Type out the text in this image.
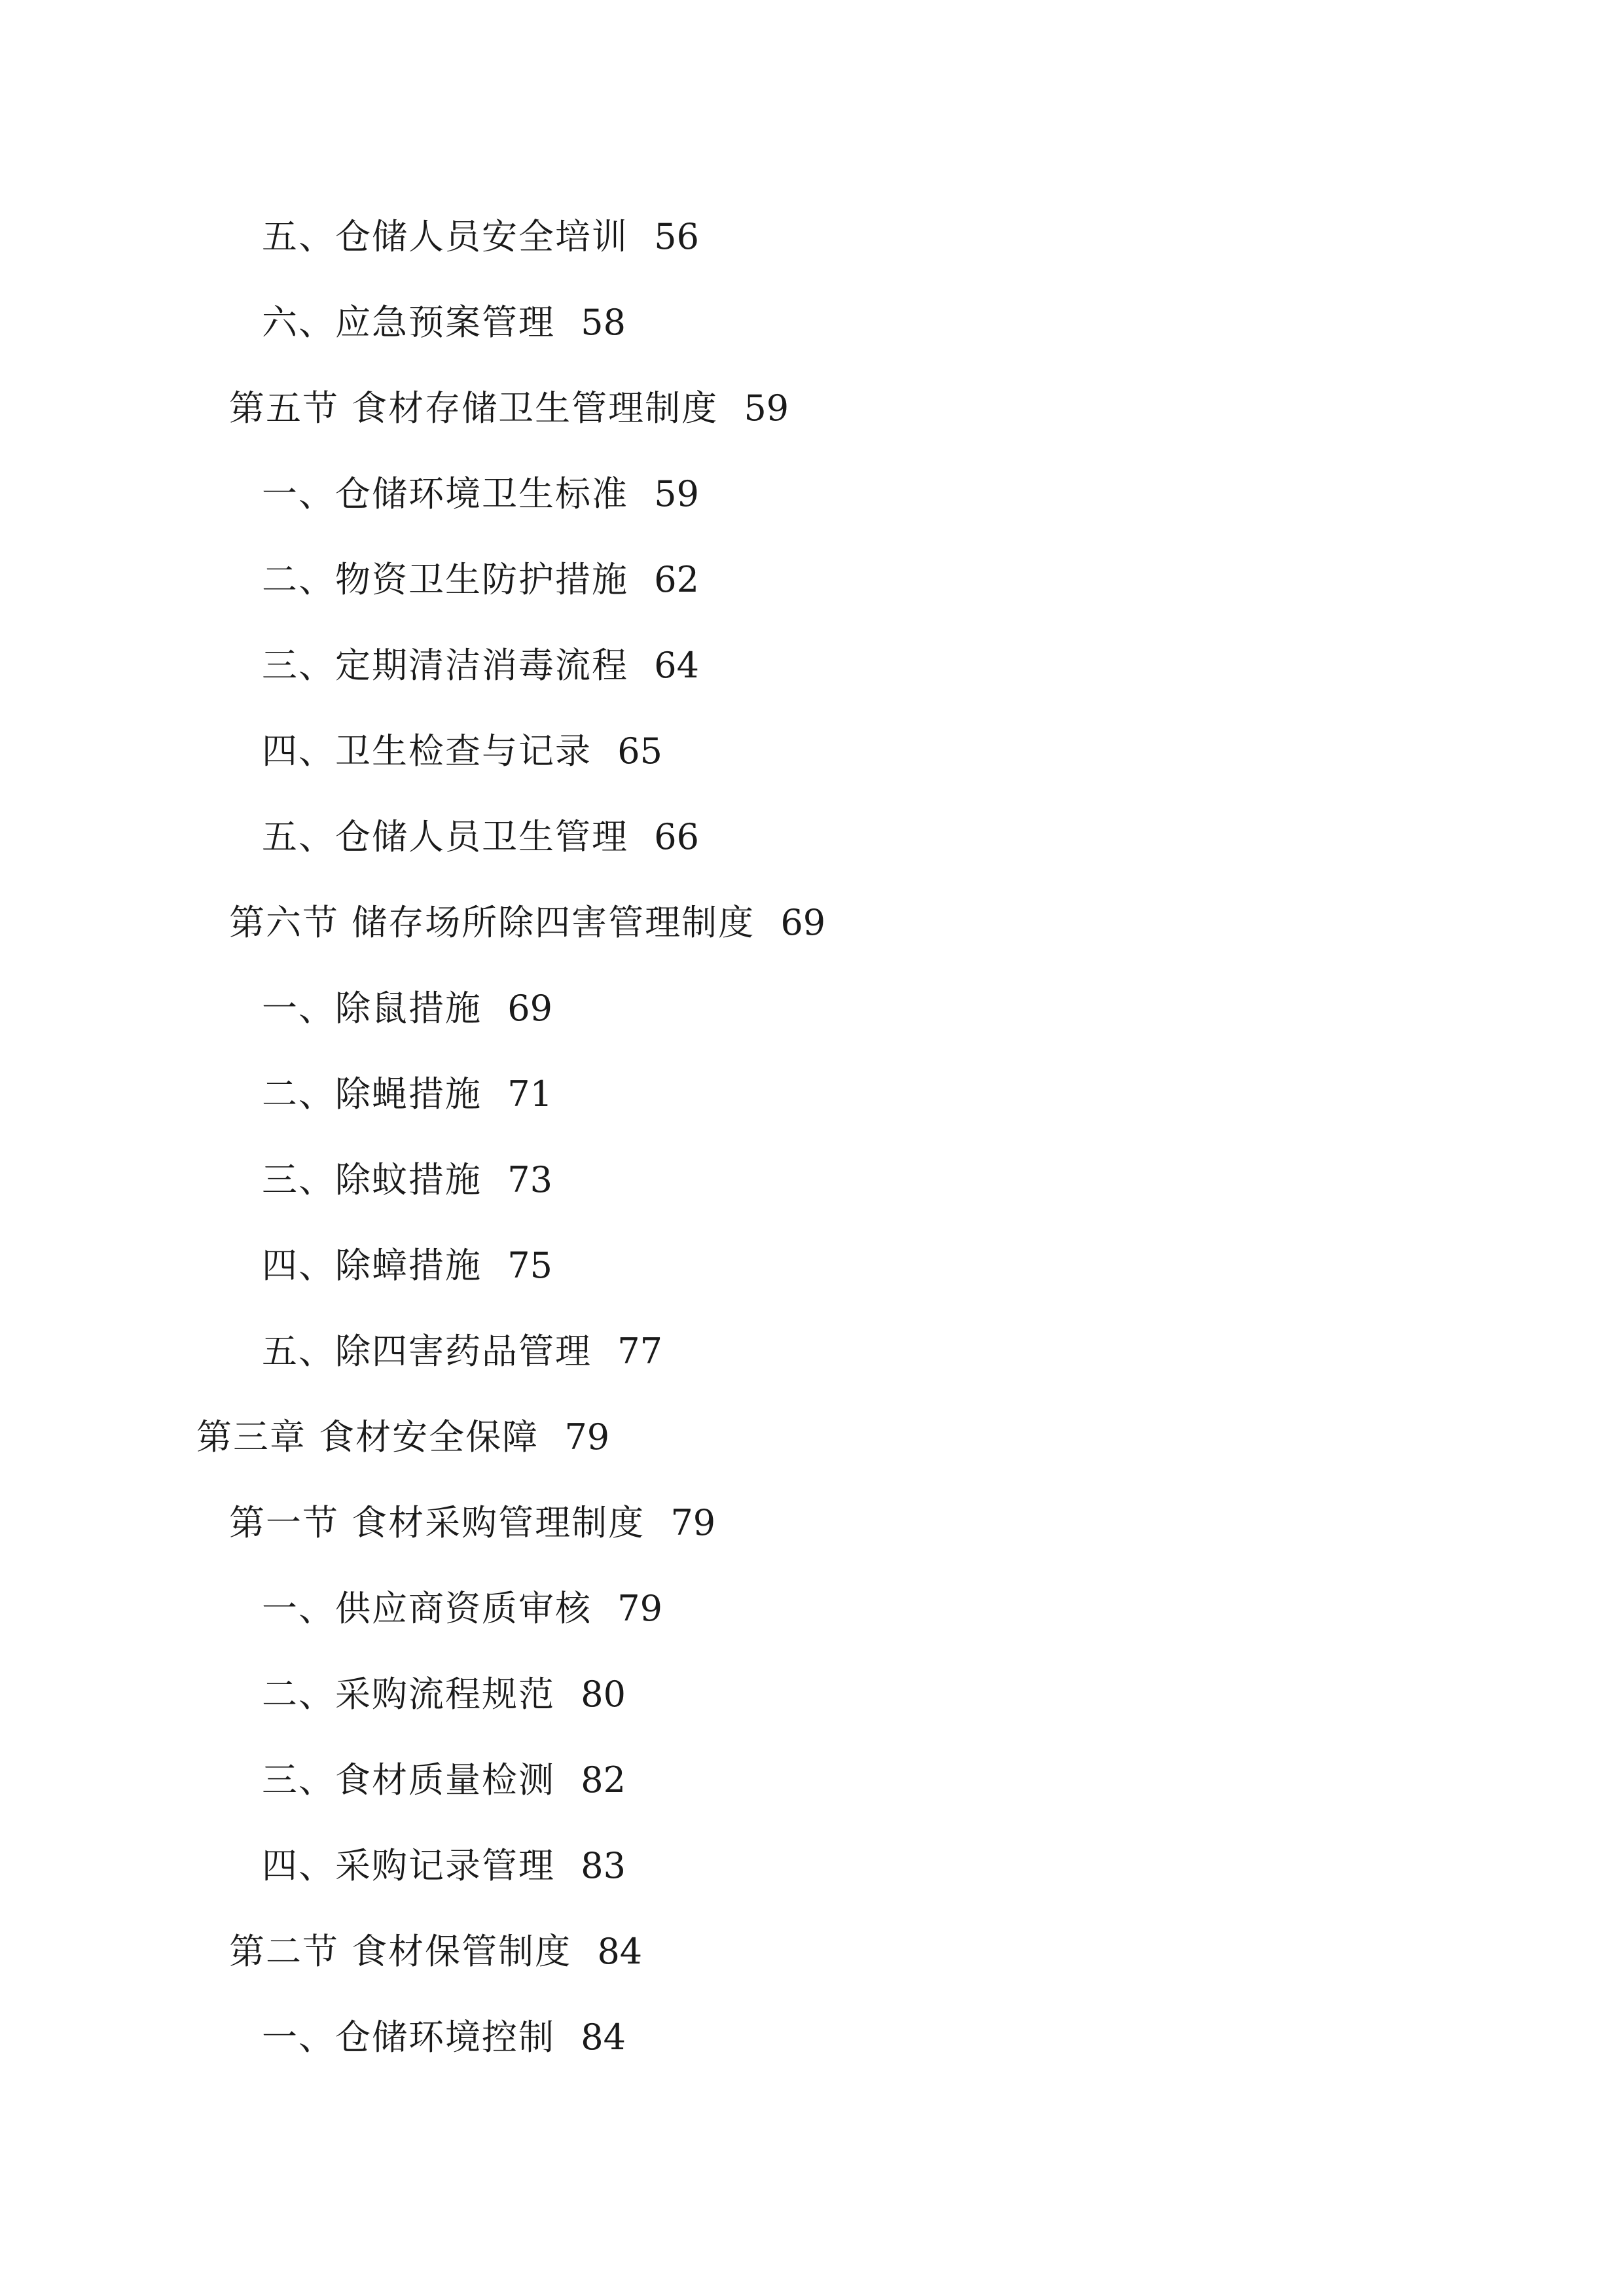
五、仓储人员安全培训 56
六、应急预案管理 58
第五节 食材存储卫生管理制度 59
一、仓储环境卫生标准 59
二、物资卫生防护措施 62
三、定期清洁消毒流程 64
四、卫生检查与记录 65
五、仓储人员卫生管理 66
第六节 储存场所除四害管理制度 69
一、除鼠措施 69
二、除蝇措施 71
三、除蚊措施 73
四、除蟑措施 75
五、除四害药品管理 77
第三章 食材安全保障 79
第一节 食材采购管理制度 79
一、供应商资质审核 79
二、采购流程规范 80
三、食材质量检测 82
四、采购记录管理 83
第二节 食材保管制度 84
一、仓储环境控制 84
